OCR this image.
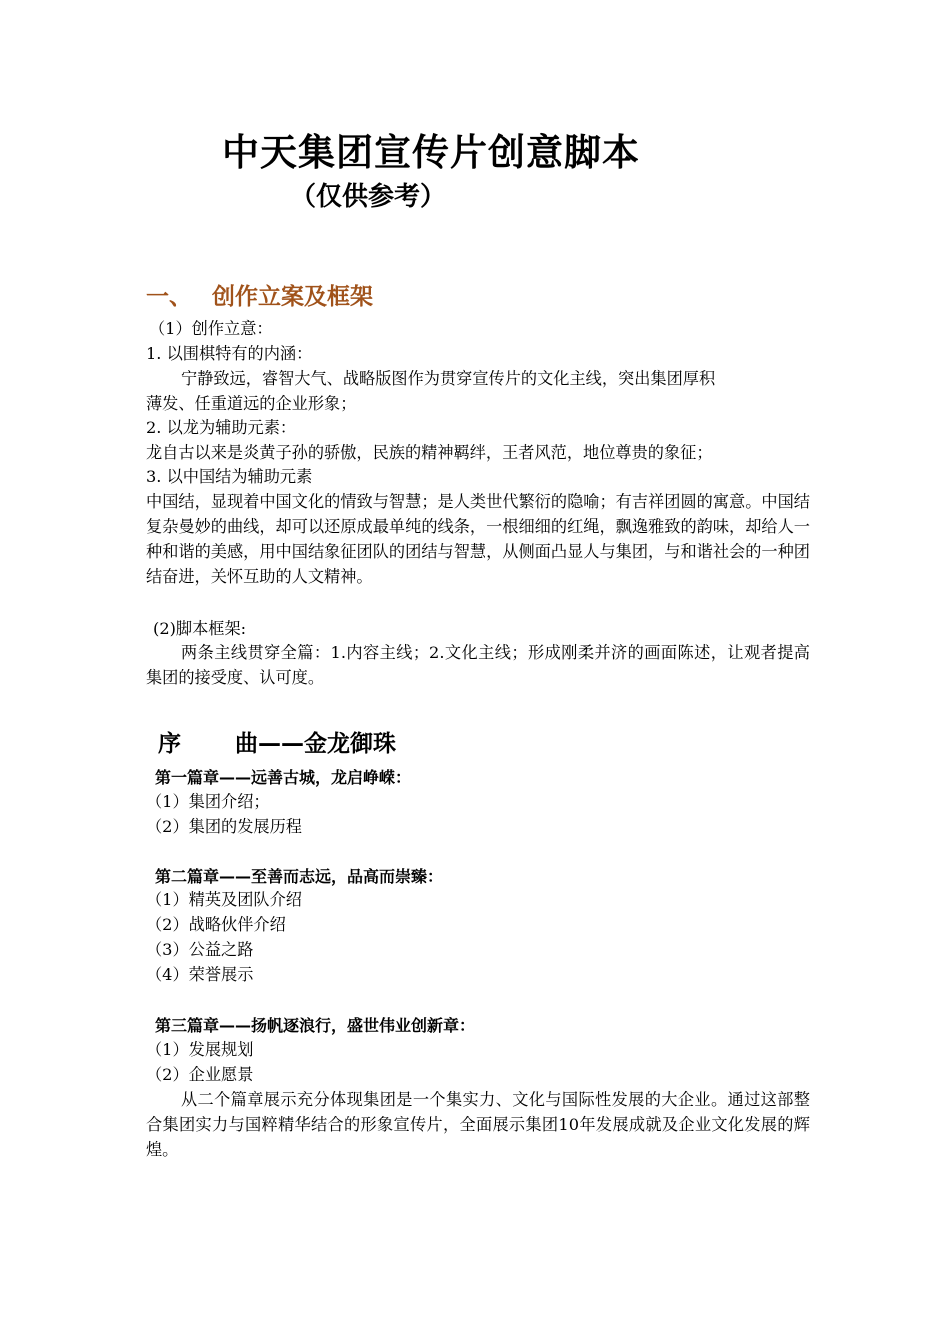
中天集团宣传片创意脚本
（仅供参考）
一、 创作立案及框架
（1）创作立意：
1. 以围棋特有的内涵：
宁静致远，睿智大气、战略版图作为贯穿宣传片的文化主线，突出集团厚积
薄发、任重道远的企业形象；
2. 以龙为辅助元素：
龙自古以来是炎黄子孙的骄傲，民族的精神羁绊，王者风范，地位尊贵的象征；
3. 以中国结为辅助元素
中国结，显现着中国文化的情致与智慧；是人类世代繁衍的隐喻；有吉祥团圆的寓意。中国结复杂曼妙的曲线，却可以还原成最单纯的线条，一根细细的红绳，飘逸雅致的韵味，却给人一种和谐的美感，用中国结象征团队的团结与智慧，从侧面凸显人与集团，与和谐社会的一种团结奋进，关怀互助的人文精神。
(2)脚本框架:
两条主线贯穿全篇：1.内容主线；2.文化主线；形成刚柔并济的画面陈述，让观者提高集团的接受度、认可度。
序 曲——金龙御珠
第一篇章——远善古城，龙启峥嵘：
（1）集团介绍；
（2）集团的发展历程
第二篇章——至善而志远，品高而崇臻：
（1）精英及团队介绍
（2）战略伙伴介绍
（3）公益之路
（4）荣誉展示
第三篇章——扬帆逐浪行，盛世伟业创新章：
（1）发展规划
（2）企业愿景
从二个篇章展示充分体现集团是一个集实力、文化与国际性发展的大企业。通过这部整合集团实力与国粹精华结合的形象宣传片，全面展示集团10年发展成就及企业文化发展的辉煌。
